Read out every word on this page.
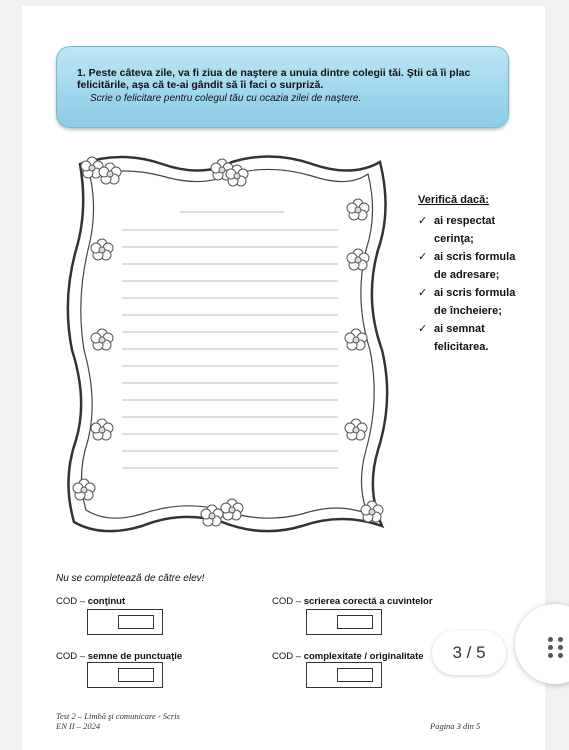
1. Peste câteva zile, va fi ziua de naştere a unuia dintre colegii tăi. Ştii că îi plac felicitările, aşa că te-ai gândit să îi faci o surpriză.
Scrie o felicitare pentru colegul tău cu ocazia zilei de naştere.
Verifică dacă:
✓ ai respectat cerinţa;
✓ ai scris formula de adresare;
✓ ai scris formula de încheiere;
✓ ai semnat felicitarea.
Nu se completează de către elev!
COD – conţinut	COD – scrierea corectă a cuvintelor
COD – semne de punctuaţie	COD – complexitate / originalitate
Test 2 – Limbă şi comunicare - Scris
EN II – 2024	Pagina 3 din 5
3 / 5
